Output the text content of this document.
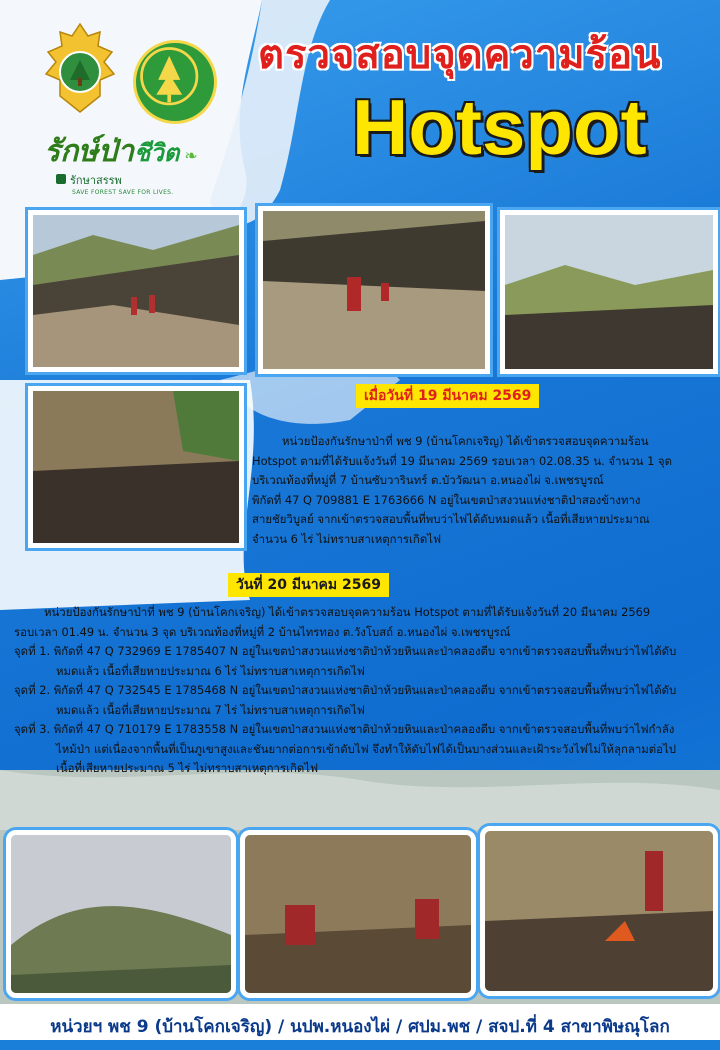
รักษ์ป่าชีวิต ❧
รักษาสรรพ
SAVE FOREST SAVE FOR LIVES.
ตรวจสอบจุดความร้อน
Hotspot
เมื่อวันที่ 19 มีนาคม 2569
หน่วยป้องกันรักษาป่าที่ พช 9 (บ้านโคกเจริญ) ได้เข้าตรวจสอบจุดความร้อน
Hotspot ตามที่ได้รับแจ้งวันที่ 19 มีนาคม 2569 รอบเวลา 02.08.35 น. จำนวน 1 จุด
บริเวณท้องที่หมู่ที่ 7 บ้านซับวารินทร์ ต.บัววัฒนา อ.หนองไผ่ จ.เพชรบูรณ์
พิกัดที่ 47 Q 709881 E 1763666 N อยู่ในเขตป่าสงวนแห่งชาติป่าสองข้างทาง
สายชัยวิบูลย์ จากเข้าตรวจสอบพื้นที่พบว่าไฟได้ดับหมดแล้ว เนื้อที่เสียหายประมาณ
จำนวน 6 ไร่ ไม่ทราบสาเหตุการเกิดไฟ
วันที่ 20 มีนาคม 2569
หน่วยป้องกันรักษาป่าที่ พช 9 (บ้านโคกเจริญ) ได้เข้าตรวจสอบจุดความร้อน Hotspot ตามที่ได้รับแจ้งวันที่ 20 มีนาคม 2569
รอบเวลา 01.49 น. จำนวน 3 จุด บริเวณท้องที่หมู่ที่ 2 บ้านไทรทอง ต.วังโบสถ์ อ.หนองไผ่ จ.เพชรบูรณ์
จุดที่ 1. พิกัดที่ 47 Q 732969 E 1785407 N อยู่ในเขตป่าสงวนแห่งชาติป่าห้วยหินและป่าคลองตีบ จากเข้าตรวจสอบพื้นที่พบว่าไฟได้ดับ
หมดแล้ว เนื้อที่เสียหายประมาณ 6 ไร่ ไม่ทราบสาเหตุการเกิดไฟ
จุดที่ 2. พิกัดที่ 47 Q 732545 E 1785468 N อยู่ในเขตป่าสงวนแห่งชาติป่าห้วยหินและป่าคลองตีบ จากเข้าตรวจสอบพื้นที่พบว่าไฟได้ดับ
หมดแล้ว เนื้อที่เสียหายประมาณ 7 ไร่ ไม่ทราบสาเหตุการเกิดไฟ
จุดที่ 3. พิกัดที่ 47 Q 710179 E 1783558 N อยู่ในเขตป่าสงวนแห่งชาติป่าห้วยหินและป่าคลองตีบ จากเข้าตรวจสอบพื้นที่พบว่าไฟกำลัง
ไหม้ป่า แต่เนื่องจากพื้นที่เป็นภูเขาสูงและชันยากต่อการเข้าดับไฟ จึงทำให้ดับไฟได้เป็นบางส่วนและเฝ้าระวังไฟไม่ให้ลุกลามต่อไป
เนื้อที่เสียหายประมาณ 5 ไร่ ไม่ทราบสาเหตุการเกิดไฟ
หน่วยฯ พช 9 (บ้านโคกเจริญ) / นปพ.หนองไผ่ / ศปม.พช / สจป.ที่ 4 สาขาพิษณุโลก
